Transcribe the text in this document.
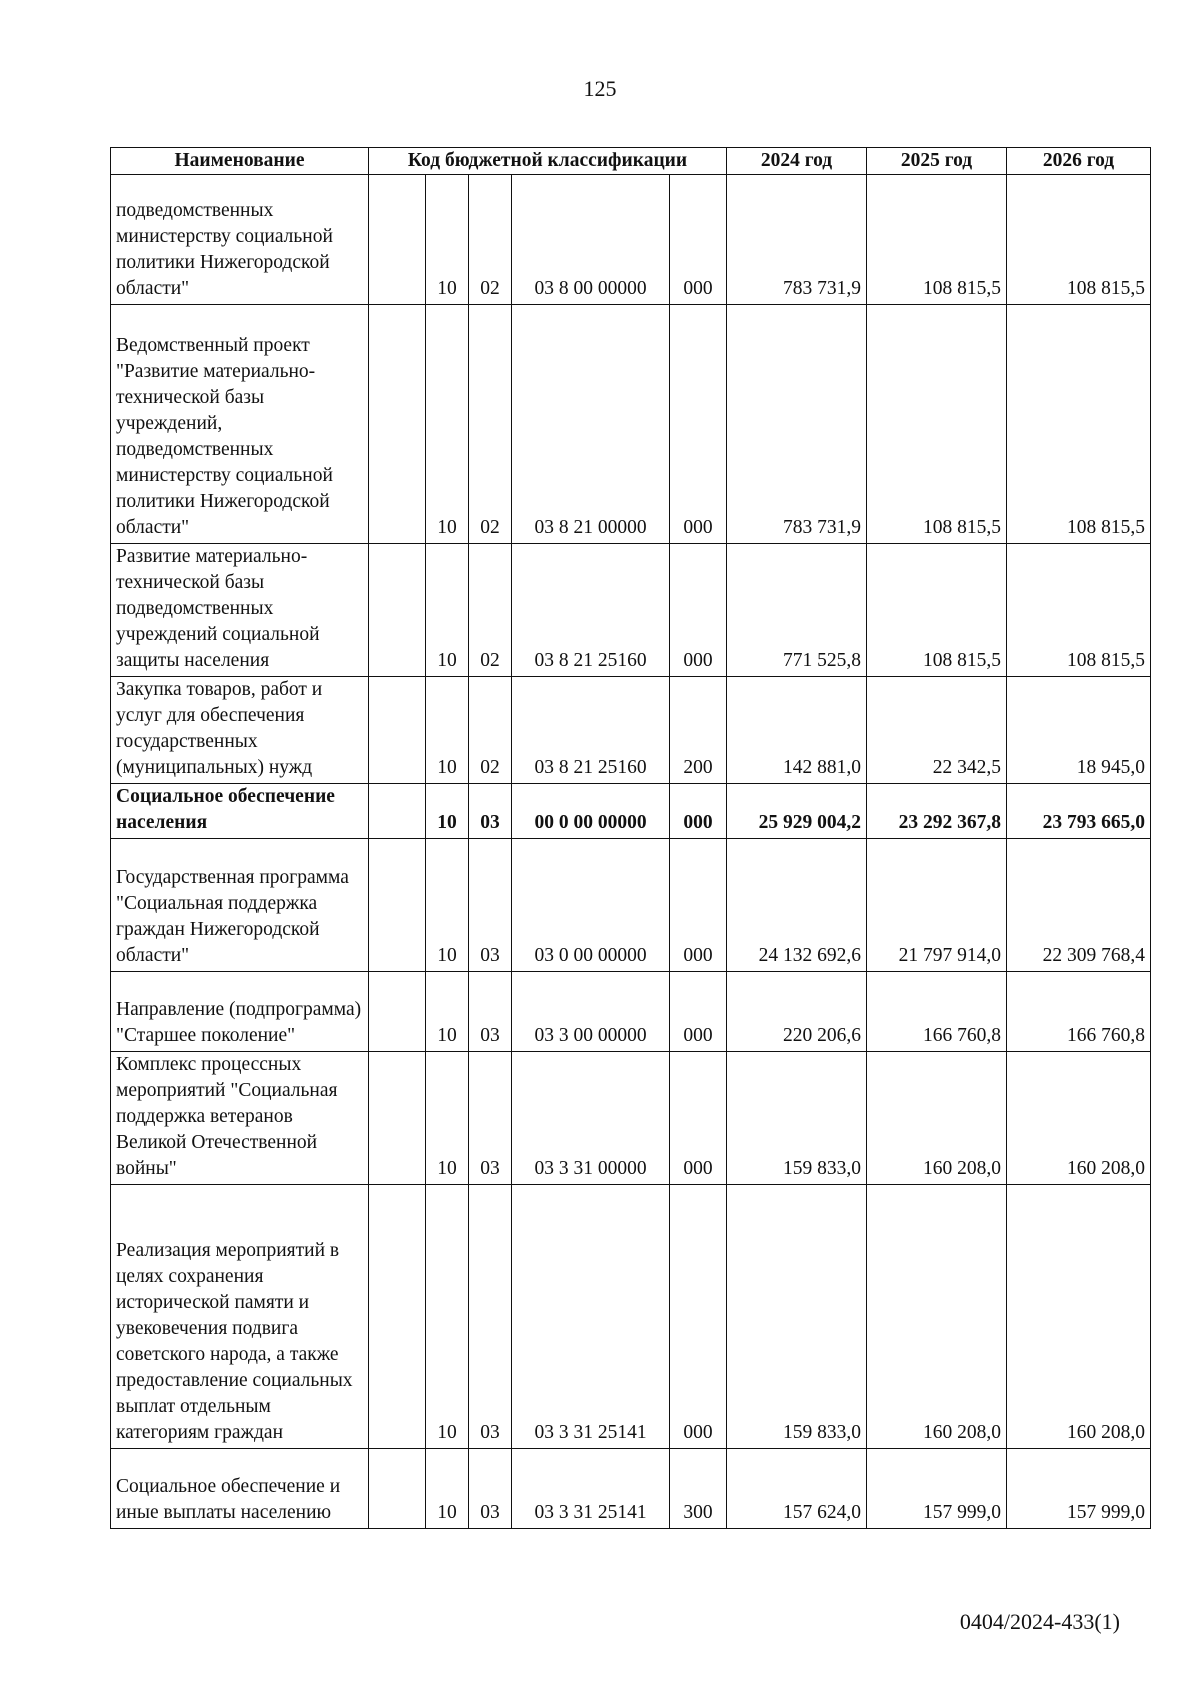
125
Наименование	Код бюджетной классификации					2024 год	2025 год	2026 год
подведомственных министерству социальной политики Нижегородской области"		10	02	03 8 00 00000	000	783 731,9	108 815,5	108 815,5
Ведомственный проект "Развитие материально-технической базы учреждений, подведомственных министерству социальной политики Нижегородской области"		10	02	03 8 21 00000	000	783 731,9	108 815,5	108 815,5
Развитие материально-технической базы подведомственных учреждений социальной защиты населения		10	02	03 8 21 25160	000	771 525,8	108 815,5	108 815,5
Закупка товаров, работ и услуг для обеспечения государственных (муниципальных) нужд		10	02	03 8 21 25160	200	142 881,0	22 342,5	18 945,0
Социальное обеспечение населения		10	03	00 0 00 00000	000	25 929 004,2	23 292 367,8	23 793 665,0
Государственная программа "Социальная поддержка граждан Нижегородской области"		10	03	03 0 00 00000	000	24 132 692,6	21 797 914,0	22 309 768,4
Направление (подпрограмма) "Старшее поколение"		10	03	03 3 00 00000	000	220 206,6	166 760,8	166 760,8
Комплекс процессных мероприятий "Социальная поддержка ветеранов Великой Отечественной войны"		10	03	03 3 31 00000	000	159 833,0	160 208,0	160 208,0
Реализация мероприятий в целях сохранения исторической памяти и увековечения подвига советского народа, а также предоставление социальных выплат отдельным категориям граждан		10	03	03 3 31 25141	000	159 833,0	160 208,0	160 208,0
Социальное обеспечение и иные выплаты населению		10	03	03 3 31 25141	300	157 624,0	157 999,0	157 999,0
0404/2024-433(1)
